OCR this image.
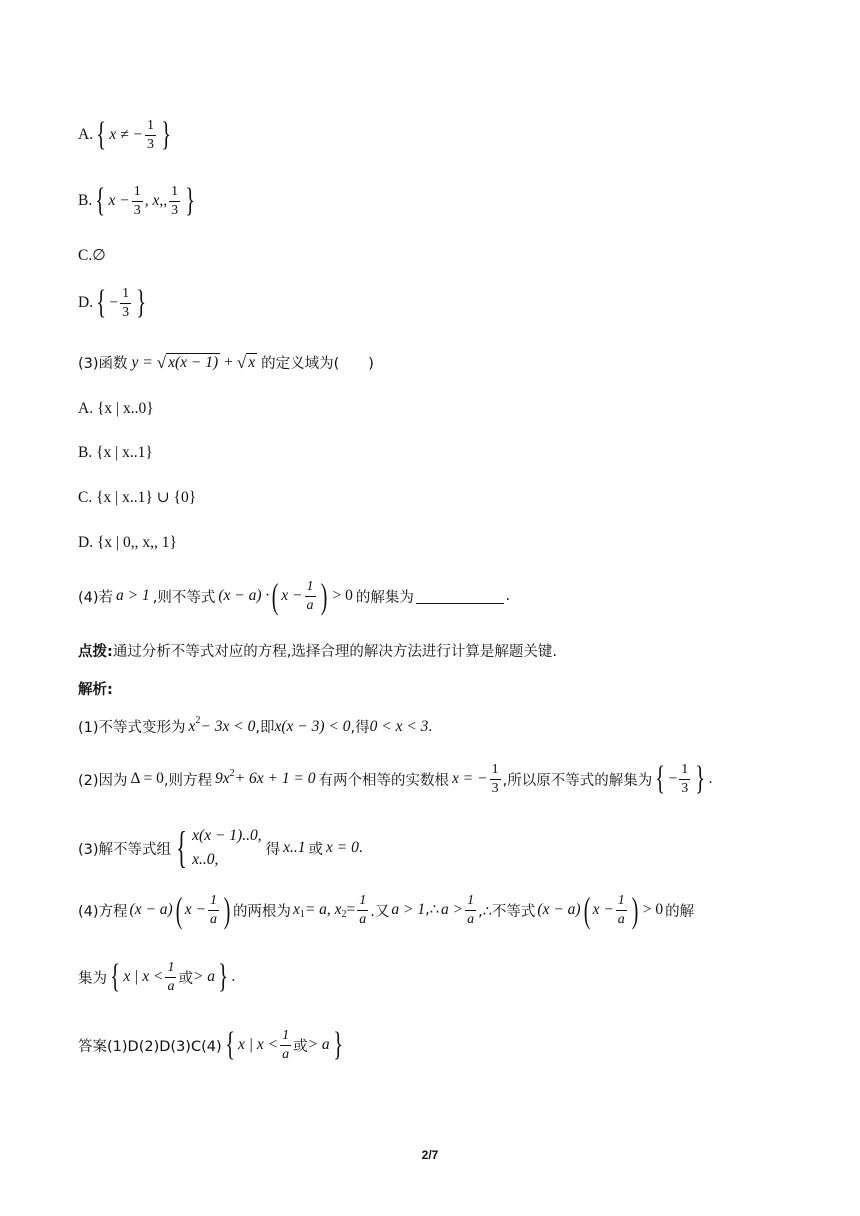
A. { x ≠ − $\frac{1}{3}$ }
B. { $x - \frac{1}{3}$ , x,, $\frac{1}{3}$ }
C. ∅
D. { − $\frac{1}{3}$ }
(3)函数 y = √ x(x − 1) + √ x 的定义域为(　　)
A. {x | x..0}
B. {x | x..1}
C. {x | x..1} ∪ {0}
D. {x | 0,, x,, 1}
(4)若 a > 1 ,则不等式 (x − a) · ( $x - \frac{1}{a}$ ) > 0 的解集为	.
点拨: 通过分析不等式对应的方程,选择合理的解决方法进行计算是解题关键.
解析:
(1)不等式变形为 x 2 − 3x < 0 ,即 x(x − 3) < 0 ,得 0 < x < 3 .
(2)因为 Δ = 0 ,则方程 9x 2 + 6x + 1 = 0 有两个相等的实数根 x = − $\frac{1}{3}$ ,所以原不等式的解集为 { − $\frac{1}{3}$ } .
(3)解不等式组 { x(x − 1)..0,
x..0,
得 x..1 或 x = 0 .
(4)方程 (x − a) ( $x - \frac{1}{a}$ ) 的两根为 x 1 = a, x $2 = \frac{1}{a}$ .又 a > 1 ,∴ $a > \frac{1}{a}$ ,∴不等式 (x − a) ( $x - \frac{1}{a}$ ) > 0 的解
集为 { x | $x < \frac{1}{a}$ 或 > a } .
答案(1)D(2)D(3)C(4) { x | $x < \frac{1}{a}$ 或 > a }
2/7
